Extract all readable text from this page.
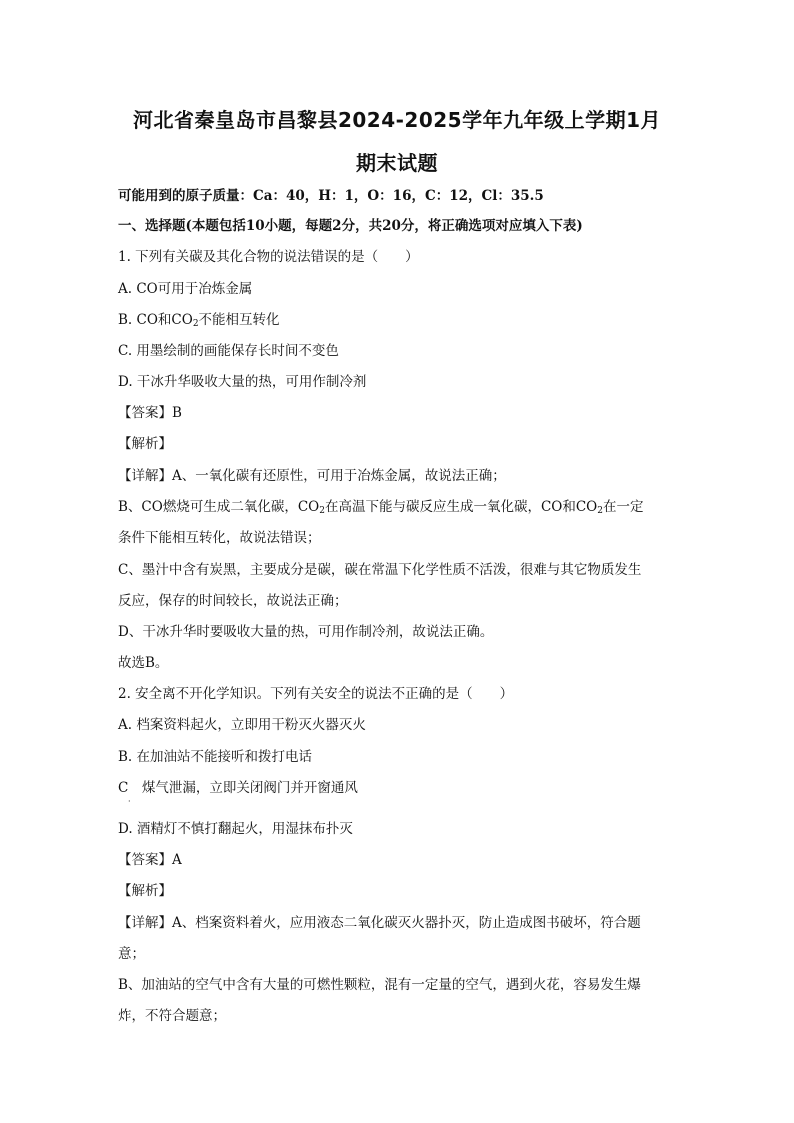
河北省秦皇岛市昌黎县2024-2025学年九年级上学期1月
期末试题
可能用到的原子质量：Ca：40，H：1，O：16，C：12，Cl：35.5
一、选择题(本题包括10小题，每题2分，共20分，将正确选项对应填入下表)
1. 下列有关碳及其化合物的说法错误的是（　　）
A. CO可用于冶炼金属
B. CO和$CO_2$不能相互转化
C. 用墨绘制的画能保存长时间不变色
D. 干冰升华吸收大量的热，可用作制冷剂
【答案】B
【解析】
【详解】A、一氧化碳有还原性，可用于冶炼金属，故说法正确；
B、CO燃烧可生成二氧化碳，$CO_2$在高温下能与碳反应生成一氧化碳，CO和$CO_2$在一定
条件下能相互转化，故说法错误；
C、墨汁中含有炭黑，主要成分是碳，碳在常温下化学性质不活泼，很难与其它物质发生
反应，保存的时间较长，故说法正确；
D、干冰升华时要吸收大量的热，可用作制冷剂，故说法正确。
故选B。
2. 安全离不开化学知识。下列有关安全的说法不正确的是（　　）
A. 档案资料起火，立即用干粉灭火器灭火
B. 在加油站不能接听和拨打电话
C　煤气泄漏，立即关闭阀门并开窗通风
·
D. 酒精灯不慎打翻起火，用湿抹布扑灭
【答案】A
【解析】
【详解】A、档案资料着火，应用液态二氧化碳灭火器扑灭，防止造成图书破坏，符合题
意；
B、加油站的空气中含有大量的可燃性颗粒，混有一定量的空气，遇到火花，容易发生爆
炸，不符合题意；
